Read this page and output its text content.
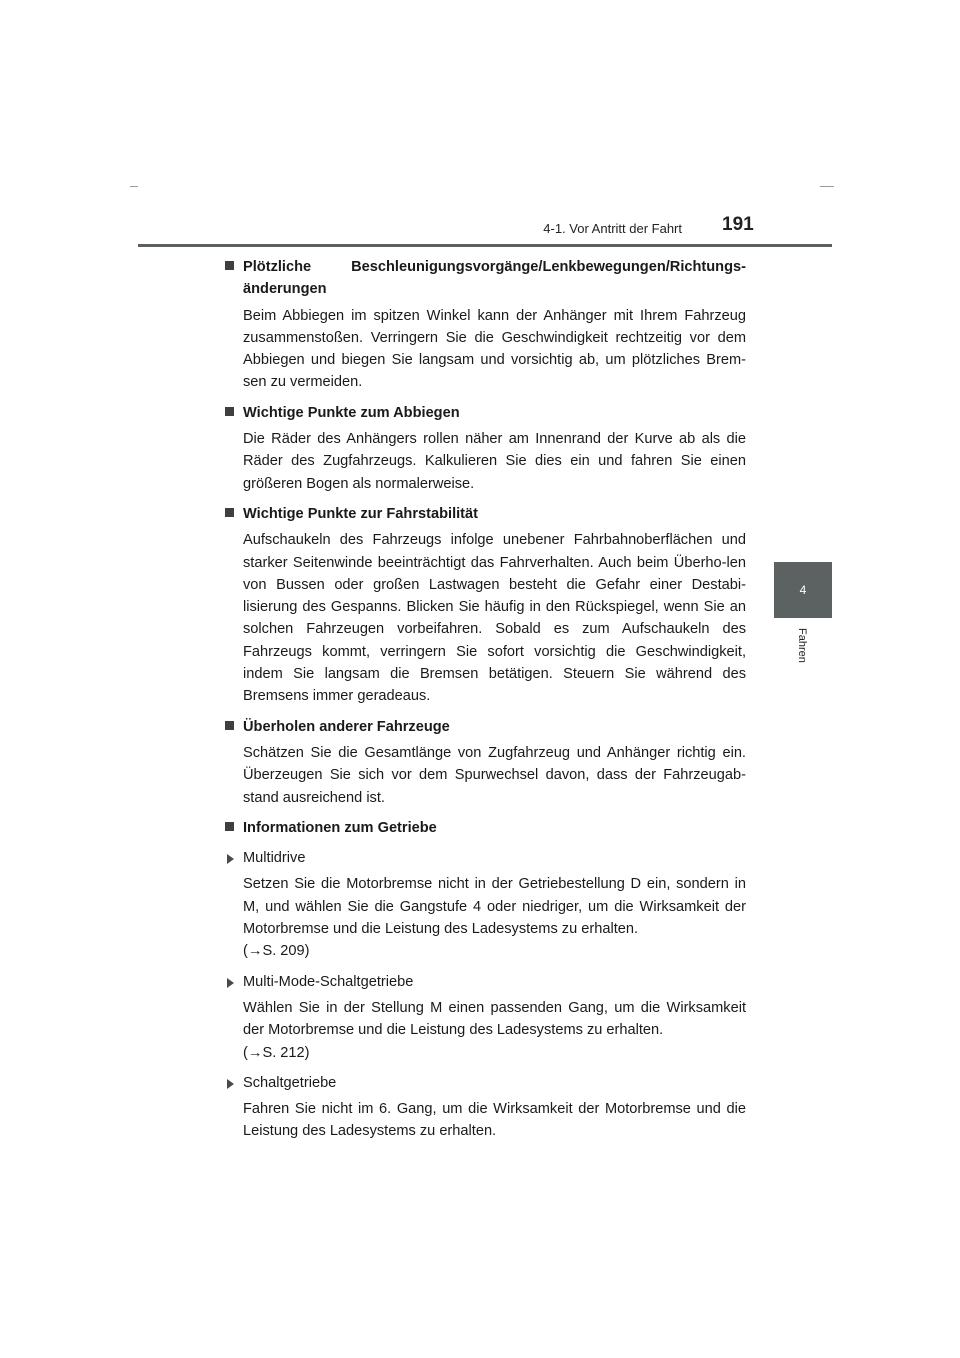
4-1. Vor Antritt der Fahrt 191
4
Fahren
Plötzliche Beschleunigungsvorgänge/Lenkbewegungen/Richtungs-änderungen
Beim Abbiegen im spitzen Winkel kann der Anhänger mit Ihrem Fahrzeug zusammenstoßen. Verringern Sie die Geschwindigkeit rechtzeitig vor dem Abbiegen und biegen Sie langsam und vorsichtig ab, um plötzliches Brem-sen zu vermeiden.
Wichtige Punkte zum Abbiegen
Die Räder des Anhängers rollen näher am Innenrand der Kurve ab als die Räder des Zugfahrzeugs. Kalkulieren Sie dies ein und fahren Sie einen größeren Bogen als normalerweise.
Wichtige Punkte zur Fahrstabilität
Aufschaukeln des Fahrzeugs infolge unebener Fahrbahnoberflächen und starker Seitenwinde beeinträchtigt das Fahrverhalten. Auch beim Überho-len von Bussen oder großen Lastwagen besteht die Gefahr einer Destabi-lisierung des Gespanns. Blicken Sie häufig in den Rückspiegel, wenn Sie an solchen Fahrzeugen vorbeifahren. Sobald es zum Aufschaukeln des Fahrzeugs kommt, verringern Sie sofort vorsichtig die Geschwindigkeit, indem Sie langsam die Bremsen betätigen. Steuern Sie während des Bremsens immer geradeaus.
Überholen anderer Fahrzeuge
Schätzen Sie die Gesamtlänge von Zugfahrzeug und Anhänger richtig ein. Überzeugen Sie sich vor dem Spurwechsel davon, dass der Fahrzeugab-stand ausreichend ist.
Informationen zum Getriebe
Multidrive
Setzen Sie die Motorbremse nicht in der Getriebestellung D ein, sondern in M, und wählen Sie die Gangstufe 4 oder niedriger, um die Wirksamkeit der Motorbremse und die Leistung des Ladesystems zu erhalten.
(→S. 209)
Multi-Mode-Schaltgetriebe
Wählen Sie in der Stellung M einen passenden Gang, um die Wirksamkeit der Motorbremse und die Leistung des Ladesystems zu erhalten.
(→S. 212)
Schaltgetriebe
Fahren Sie nicht im 6. Gang, um die Wirksamkeit der Motorbremse und die Leistung des Ladesystems zu erhalten.
